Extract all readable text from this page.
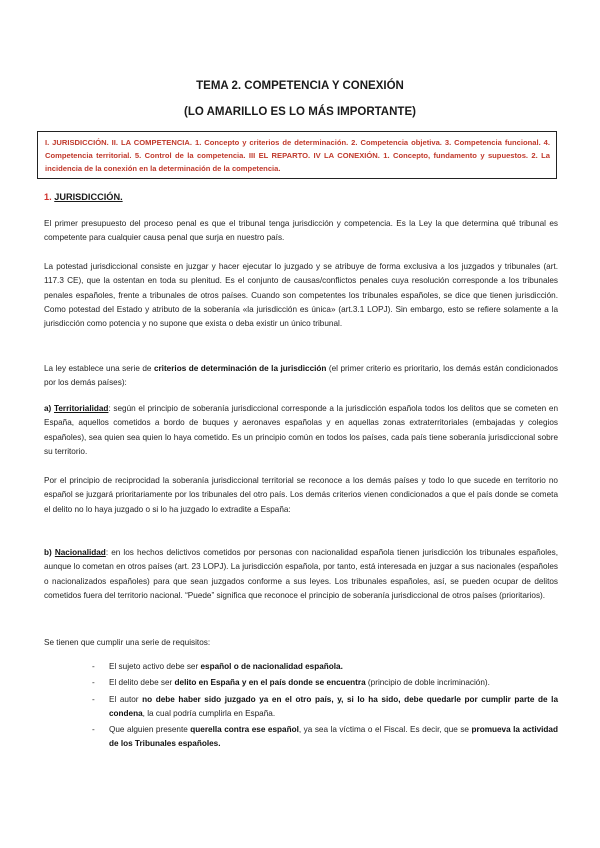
TEMA 2. COMPETENCIA Y CONEXIÓN
(LO AMARILLO ES LO MÁS IMPORTANTE)
I. JURISDICCIÓN. II. LA COMPETENCIA. 1. Concepto y criterios de determinación. 2. Competencia objetiva. 3. Competencia funcional. 4. Competencia territorial. 5. Control de la competencia. III EL REPARTO. IV LA CONEXIÓN. 1. Concepto, fundamento y supuestos. 2. La incidencia de la conexión en la determinación de la competencia.
1. JURISDICCIÓN.
El primer presupuesto del proceso penal es que el tribunal tenga jurisdicción y competencia. Es la Ley la que determina qué tribunal es competente para cualquier causa penal que surja en nuestro país.
La potestad jurisdiccional consiste en juzgar y hacer ejecutar lo juzgado y se atribuye de forma exclusiva a los juzgados y tribunales (art. 117.3 CE), que la ostentan en toda su plenitud. Es el conjunto de causas/conflictos penales cuya resolución corresponde a los tribunales penales españoles, frente a tribunales de otros países. Cuando son competentes los tribunales españoles, se dice que tienen jurisdicción. Como potestad del Estado y atributo de la soberanía «la jurisdicción es única» (art.3.1 LOPJ). Sin embargo, esto se refiere solamente a la jurisdicción como potencia y no supone que exista o deba existir un único tribunal.
La ley establece una serie de criterios de determinación de la jurisdicción (el primer criterio es prioritario, los demás están condicionados por los demás países):
a) Territorialidad: según el principio de soberanía jurisdiccional corresponde a la jurisdicción española todos los delitos que se cometen en España, aquellos cometidos a bordo de buques y aeronaves españolas y en aquellas zonas extraterritoriales (embajadas y colegios españoles), sea quien sea quien lo haya cometido. Es un principio común en todos los países, cada país tiene soberanía jurisdiccional sobre su territorio.
Por el principio de reciprocidad la soberanía jurisdiccional territorial se reconoce a los demás países y todo lo que sucede en territorio no español se juzgará prioritariamente por los tribunales del otro país. Los demás criterios vienen condicionados a que el país donde se cometa el delito no lo haya juzgado o si lo ha juzgado lo extradite a España:
b) Nacionalidad: en los hechos delictivos cometidos por personas con nacionalidad española tienen jurisdicción los tribunales españoles, aunque lo cometan en otros países (art. 23 LOPJ). La jurisdicción española, por tanto, está interesada en juzgar a sus nacionales (españoles o nacionalizados españoles) para que sean juzgados conforme a sus leyes. Los tribunales españoles, así, se pueden ocupar de delitos cometidos fuera del territorio nacional. “Puede” significa que reconoce el principio de soberanía jurisdiccional de otros países (prioritarios).
Se tienen que cumplir una serie de requisitos:
- El sujeto activo debe ser español o de nacionalidad española.
- El delito debe ser delito en España y en el país donde se encuentra (principio de doble incriminación).
- El autor no debe haber sido juzgado ya en el otro país, y, si lo ha sido, debe quedarle por cumplir parte de la condena, la cual podría cumplirla en España.
- Que alguien presente querella contra ese español, ya sea la víctima o el Fiscal. Es decir, que se promueva la actividad de los Tribunales españoles.
